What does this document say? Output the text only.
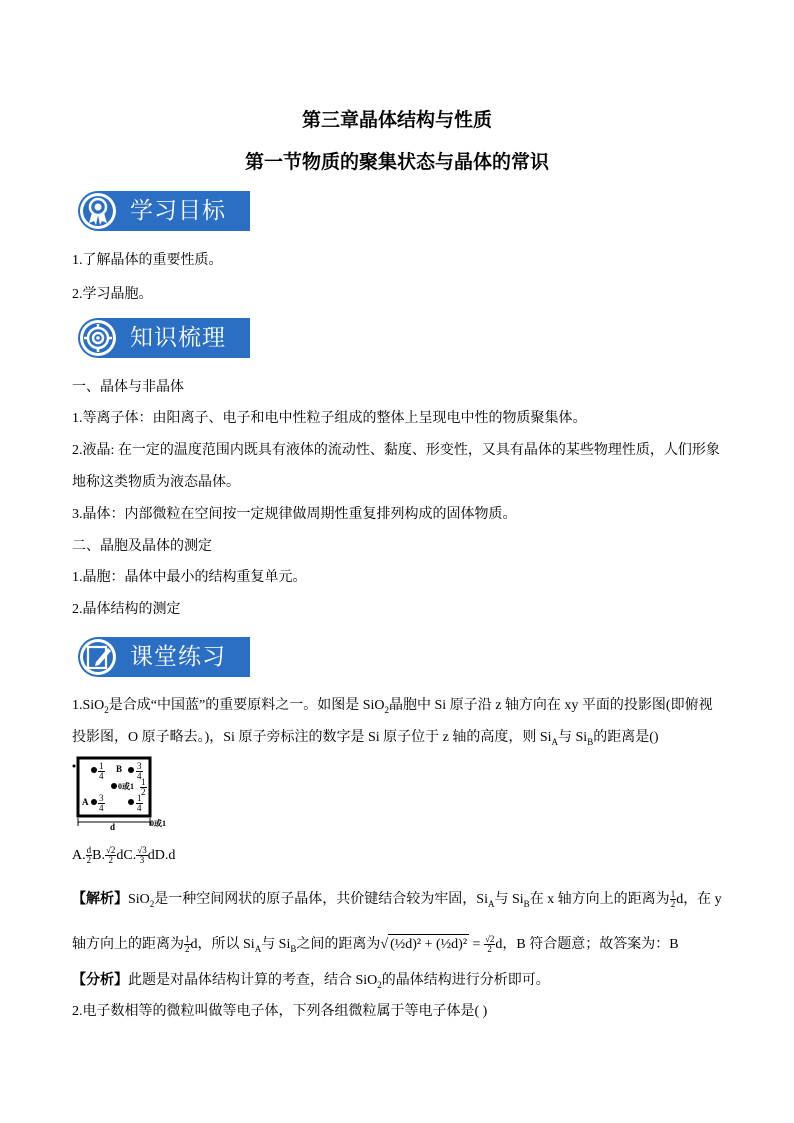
第三章晶体结构与性质
第一节物质的聚集状态与晶体的常识
学习目标
1.了解晶体的重要性质。
2.学习晶胞。
知识梳理
一、晶体与非晶体
1.等离子体：由阳离子、电子和电中性粒子组成的整体上呈现电中性的物质聚集体。
2.液晶: 在一定的温度范围内既具有液体的流动性、黏度、形变性，又具有晶体的某些物理性质，人们形象
地称这类物质为液态晶体。
3.晶体：内部微粒在空间按一定规律做周期性重复排列构成的固体物质。
二、晶胞及晶体的测定
1.晶胞：晶体中最小的结构重复单元。
2.晶体结构的测定
课堂练习
1.SiO$_2$是合成“中国蓝”的重要原料之一。如图是 SiO$_2$晶胞中 Si 原子沿 z 轴方向在 xy 平面的投影图(即俯视
投影图，O 原子略去。)，Si 原子旁标注的数字是 Si 原子位于 z 轴的高度，则 $Si_A$与 $Si_B$的距离是()
$\frac{1}{4}$ B $\frac{3}{4}$
0或$1 \frac{1}{2}$
A $\frac{3}{4}$	$\frac{1}{4}$
d	0或1
A. $\frac{d}{2} B$. $\frac{√2}{2}$ dC. $\frac{√3}{3} dD.d$
【解析】SiO$_2$是一种空间网状的原子晶体，共价键结合较为牢固，$Si_A$与 $Si_B$在 x 轴方向上的距离为 $\frac{1}{2}$ d，在 y
轴方向上的距离为 $\frac{1}{2}$ d，所以 $Si_A$与 $Si_B$之间的距离为√ (½d)² + (½d)² = $\frac{√2}{2}$ d，B 符合题意；故答案为：B
【分析】此题是对晶体结构计算的考查，结合 SiO$_2$的晶体结构进行分析即可。
2.电子数相等的微粒叫做等电子体，下列各组微粒属于等电子体是( )
